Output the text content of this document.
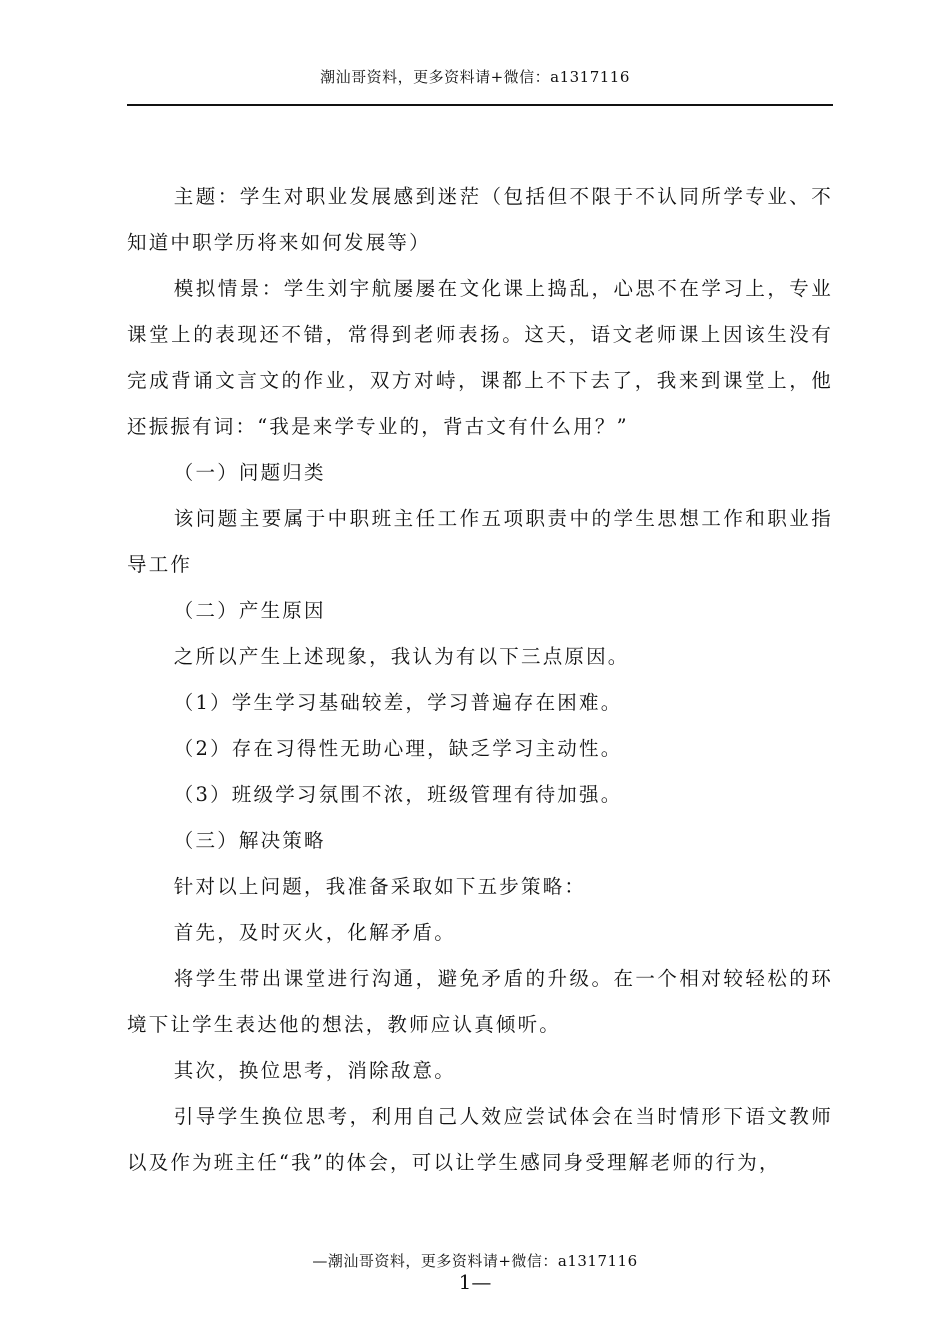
潮汕哥资料，更多资料请+微信：a1317116

主题：学生对职业发展感到迷茫（包括但不限于不认同所学专业、不知道中职学历将来如何发展等）

模拟情景：学生刘宇航屡屡在文化课上捣乱，心思不在学习上，专业课堂上的表现还不错，常得到老师表扬。这天，语文老师课上因该生没有完成背诵文言文的作业，双方对峙，课都上不下去了，我来到课堂上，他还振振有词：“我是来学专业的，背古文有什么用？”

（一）问题归类

该问题主要属于中职班主任工作五项职责中的学生思想工作和职业指导工作

（二）产生原因

之所以产生上述现象，我认为有以下三点原因。

（1）学生学习基础较差，学习普遍存在困难。

（2）存在习得性无助心理，缺乏学习主动性。

（3）班级学习氛围不浓，班级管理有待加强。

（三）解决策略

针对以上问题，我准备采取如下五步策略：

首先，及时灭火，化解矛盾。

将学生带出课堂进行沟通，避免矛盾的升级。在一个相对较轻松的环境下让学生表达他的想法，教师应认真倾听。

其次，换位思考，消除敌意。

引导学生换位思考，利用自己人效应尝试体会在当时情形下语文教师以及作为班主任“我”的体会，可以让学生感同身受理解老师的行为，

—潮汕哥资料，更多资料请+微信：a1317116
1—
